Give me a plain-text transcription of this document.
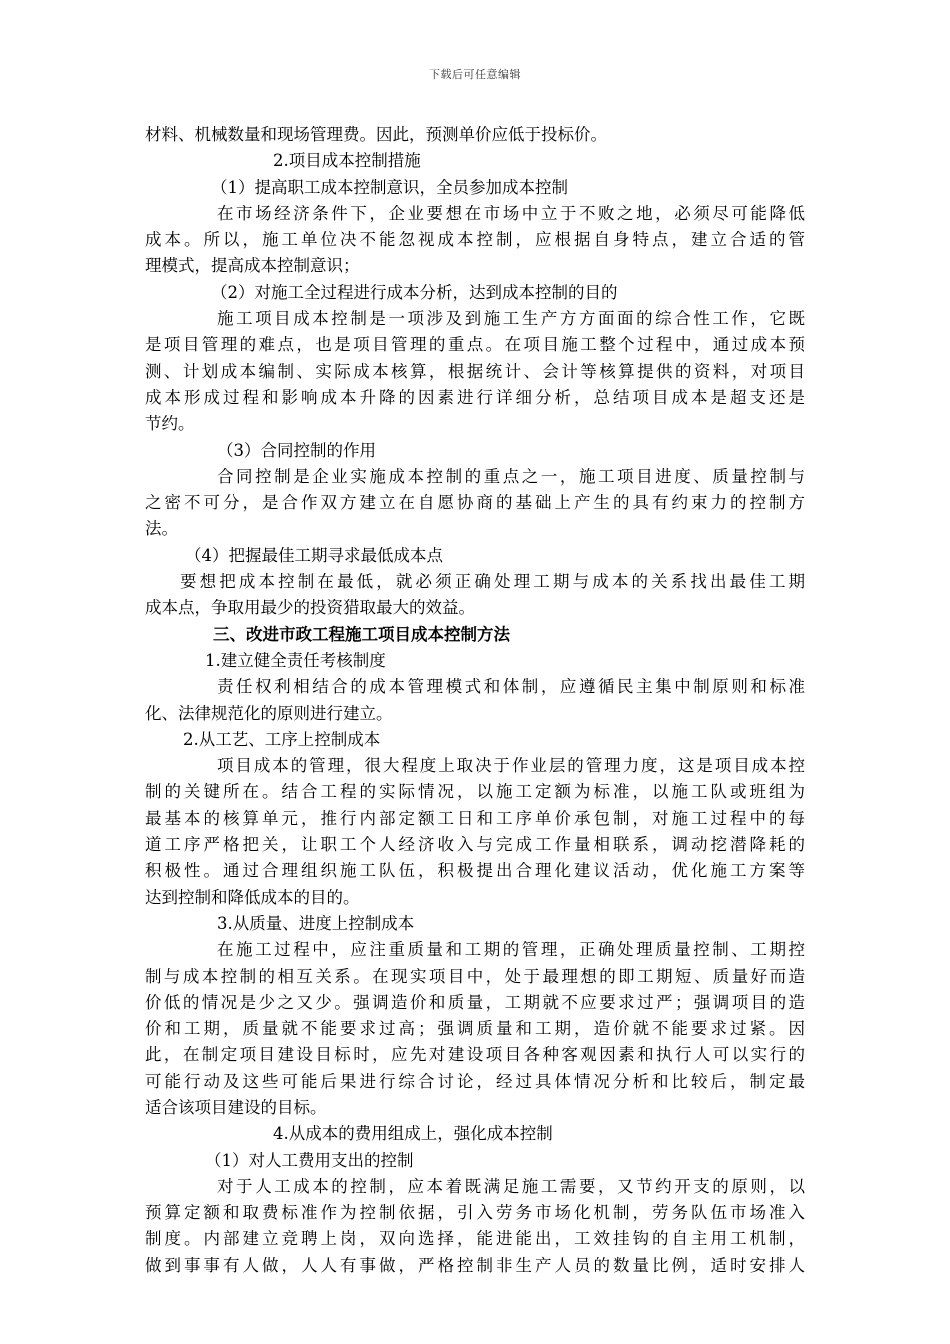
下载后可任意编辑
材料、机械数量和现场管理费。因此，预测单价应低于投标价。
2.项目成本控制措施
（1）提高职工成本控制意识，全员参加成本控制
在市场经济条件下，企业要想在市场中立于不败之地，必须尽可能降低
成本。所以，施工单位决不能忽视成本控制，应根据自身特点，建立合适的管
理模式，提高成本控制意识；
（2）对施工全过程进行成本分析，达到成本控制的目的
施工项目成本控制是一项涉及到施工生产方方面面的综合性工作，它既
是项目管理的难点，也是项目管理的重点。在项目施工整个过程中，通过成本预
测、计划成本编制、实际成本核算，根据统计、会计等核算提供的资料，对项目
成本形成过程和影响成本升降的因素进行详细分析，总结项目成本是超支还是
节约。
（3）合同控制的作用
合同控制是企业实施成本控制的重点之一，施工项目进度、质量控制与
之密不可分，是合作双方建立在自愿协商的基础上产生的具有约束力的控制方
法。
（4）把握最佳工期寻求最低成本点
要想把成本控制在最低，就必须正确处理工期与成本的关系找出最佳工期
成本点，争取用最少的投资猎取最大的效益。
三、改进市政工程施工项目成本控制方法
1.建立健全责任考核制度
责任权利相结合的成本管理模式和体制，应遵循民主集中制原则和标准
化、法律规范化的原则进行建立。
2.从工艺、工序上控制成本
项目成本的管理，很大程度上取决于作业层的管理力度，这是项目成本控
制的关键所在。结合工程的实际情况，以施工定额为标准，以施工队或班组为
最基本的核算单元，推行内部定额工日和工序单价承包制，对施工过程中的每
道工序严格把关，让职工个人经济收入与完成工作量相联系，调动挖潜降耗的
积极性。通过合理组织施工队伍，积极提出合理化建议活动，优化施工方案等
达到控制和降低成本的目的。
3.从质量、进度上控制成本
在施工过程中，应注重质量和工期的管理，正确处理质量控制、工期控
制与成本控制的相互关系。在现实项目中，处于最理想的即工期短、质量好而造
价低的情况是少之又少。强调造价和质量，工期就不应要求过严；强调项目的造
价和工期，质量就不能要求过高；强调质量和工期，造价就不能要求过紧。因
此，在制定项目建设目标时，应先对建设项目各种客观因素和执行人可以实行的
可能行动及这些可能后果进行综合讨论，经过具体情况分析和比较后，制定最
适合该项目建设的目标。
4.从成本的费用组成上，强化成本控制
（1）对人工费用支出的控制
对于人工成本的控制，应本着既满足施工需要，又节约开支的原则，以
预算定额和取费标准作为控制依据，引入劳务市场化机制，劳务队伍市场准入
制度。内部建立竞聘上岗，双向选择，能进能出，工效挂钩的自主用工机制，
做到事事有人做，人人有事做，严格控制非生产人员的数量比例，适时安排人
